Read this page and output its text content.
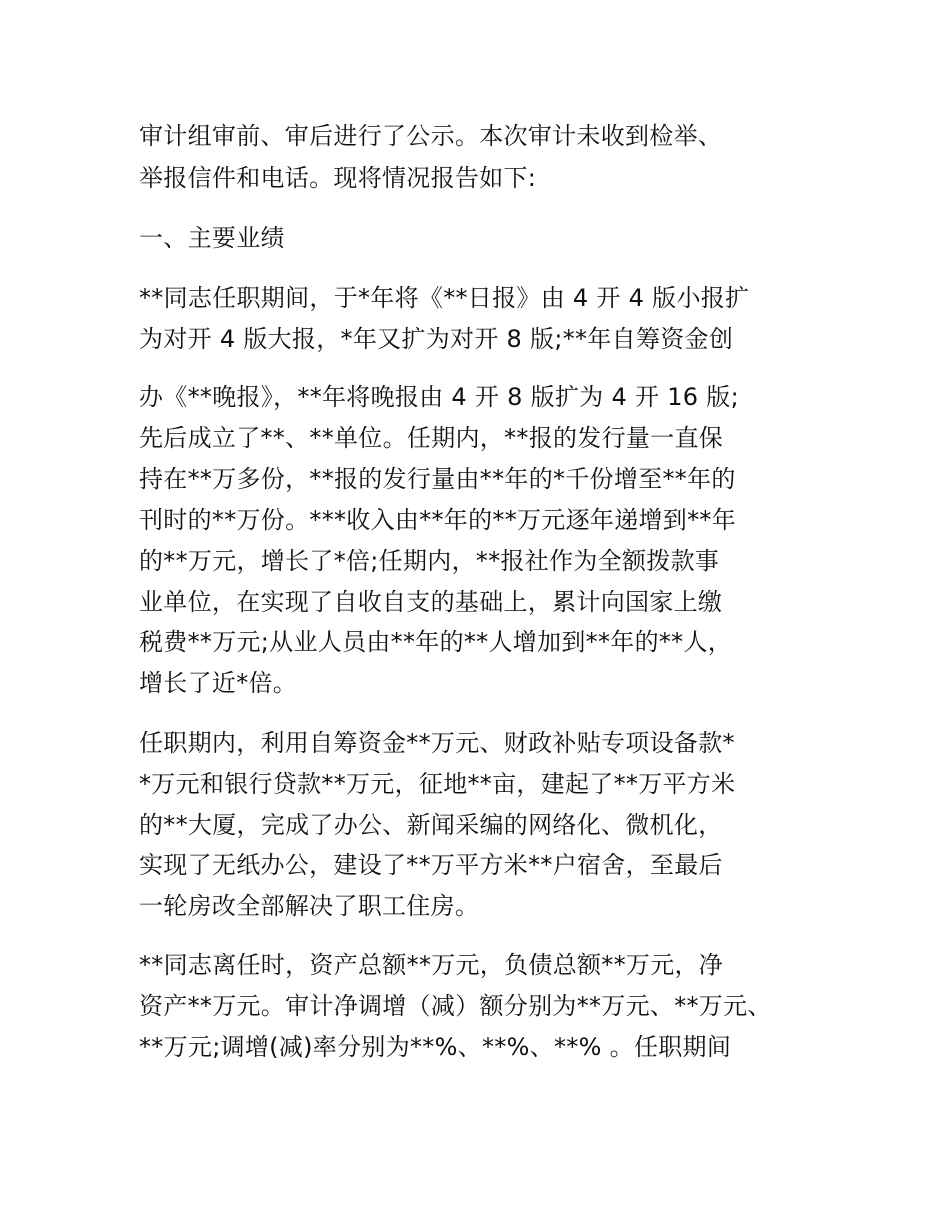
审计组审前、审后进行了公示。本次审计未收到检举、
举报信件和电话。现将情况报告如下:
一、主要业绩
**同志任职期间，于*年将《**日报》由 4 开 4 版小报扩
为对开 4 版大报，*年又扩为对开 8 版;**年自筹资金创
办《**晚报》，**年将晚报由 4 开 8 版扩为 4 开 16 版;
先后成立了**、**单位。任期内，**报的发行量一直保
持在**万多份，**报的发行量由**年的*千份增至**年的
刊时的**万份。***收入由**年的**万元逐年递增到**年
的**万元，增长了*倍;任期内，**报社作为全额拨款事
业单位，在实现了自收自支的基础上，累计向国家上缴
税费**万元;从业人员由**年的**人增加到**年的**人，
增长了近*倍。
任职期内，利用自筹资金**万元、财政补贴专项设备款*
*万元和银行贷款**万元，征地**亩，建起了**万平方米
的**大厦，完成了办公、新闻采编的网络化、微机化，
实现了无纸办公，建设了**万平方米**户宿舍，至最后
一轮房改全部解决了职工住房。
**同志离任时，资产总额**万元，负债总额**万元，净
资产**万元。审计净调增（减）额分别为**万元、**万元、
**万元;调增(减)率分别为**%、**%、**% 。任职期间
